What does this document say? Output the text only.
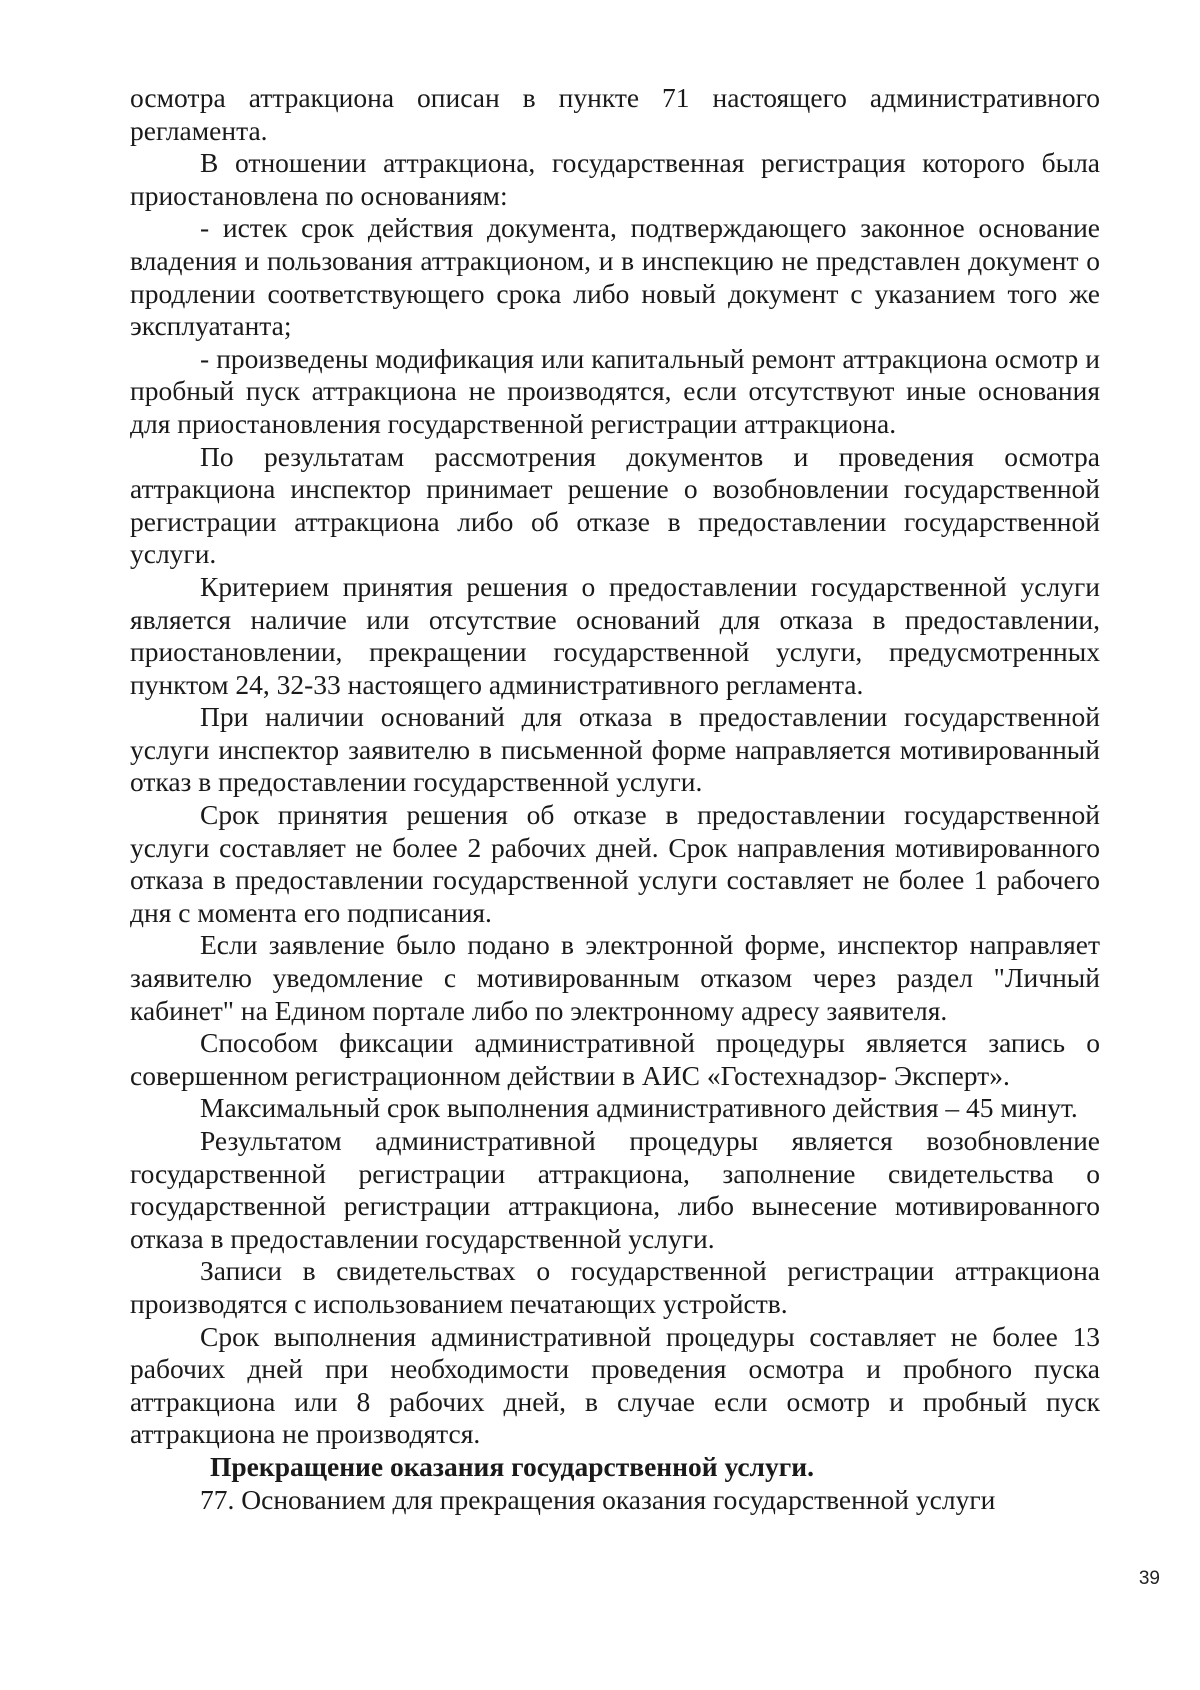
осмотра аттракциона описан в пункте 71 настоящего административного регламента.

В отношении аттракциона, государственная регистрация которого была приостановлена по основаниям:

- истек срок действия документа, подтверждающего законное основание владения и пользования аттракционом, и в инспекцию не представлен документ о продлении соответствующего срока либо новый документ с указанием того же эксплуатанта;

- произведены модификация или капитальный ремонт аттракциона осмотр и пробный пуск аттракциона не производятся, если отсутствуют иные основания для приостановления государственной регистрации аттракциона.

По результатам рассмотрения документов и проведения осмотра аттракциона инспектор принимает решение о возобновлении государственной регистрации аттракциона либо об отказе в предоставлении государственной услуги.

Критерием принятия решения о предоставлении государственной услуги является наличие или отсутствие оснований для отказа в предоставлении, приостановлении, прекращении государственной услуги, предусмотренных пунктом 24, 32-33 настоящего административного регламента.

При наличии оснований для отказа в предоставлении государственной услуги инспектор заявителю в письменной форме направляется мотивированный отказ в предоставлении государственной услуги.

Срок принятия решения об отказе в предоставлении государственной услуги составляет не более 2 рабочих дней. Срок направления мотивированного отказа в предоставлении государственной услуги составляет не более 1 рабочего дня с момента его подписания.

Если заявление было подано в электронной форме, инспектор направляет заявителю уведомление с мотивированным отказом через раздел "Личный кабинет" на Едином портале либо по электронному адресу заявителя.

Способом фиксации административной процедуры является запись о совершенном регистрационном действии в АИС «Гостехнадзор- Эксперт».

Максимальный срок выполнения административного действия – 45 минут.

Результатом административной процедуры является возобновление государственной регистрации аттракциона, заполнение свидетельства о государственной регистрации аттракциона, либо вынесение мотивированного отказа в предоставлении государственной услуги.

Записи в свидетельствах о государственной регистрации аттракциона производятся с использованием печатающих устройств.

Срок выполнения административной процедуры составляет не более 13 рабочих дней при необходимости проведения осмотра и пробного пуска аттракциона или 8 рабочих дней, в случае если осмотр и пробный пуск аттракциона не производятся.

Прекращение оказания государственной услуги.

77. Основанием для прекращения оказания государственной услуги

39
